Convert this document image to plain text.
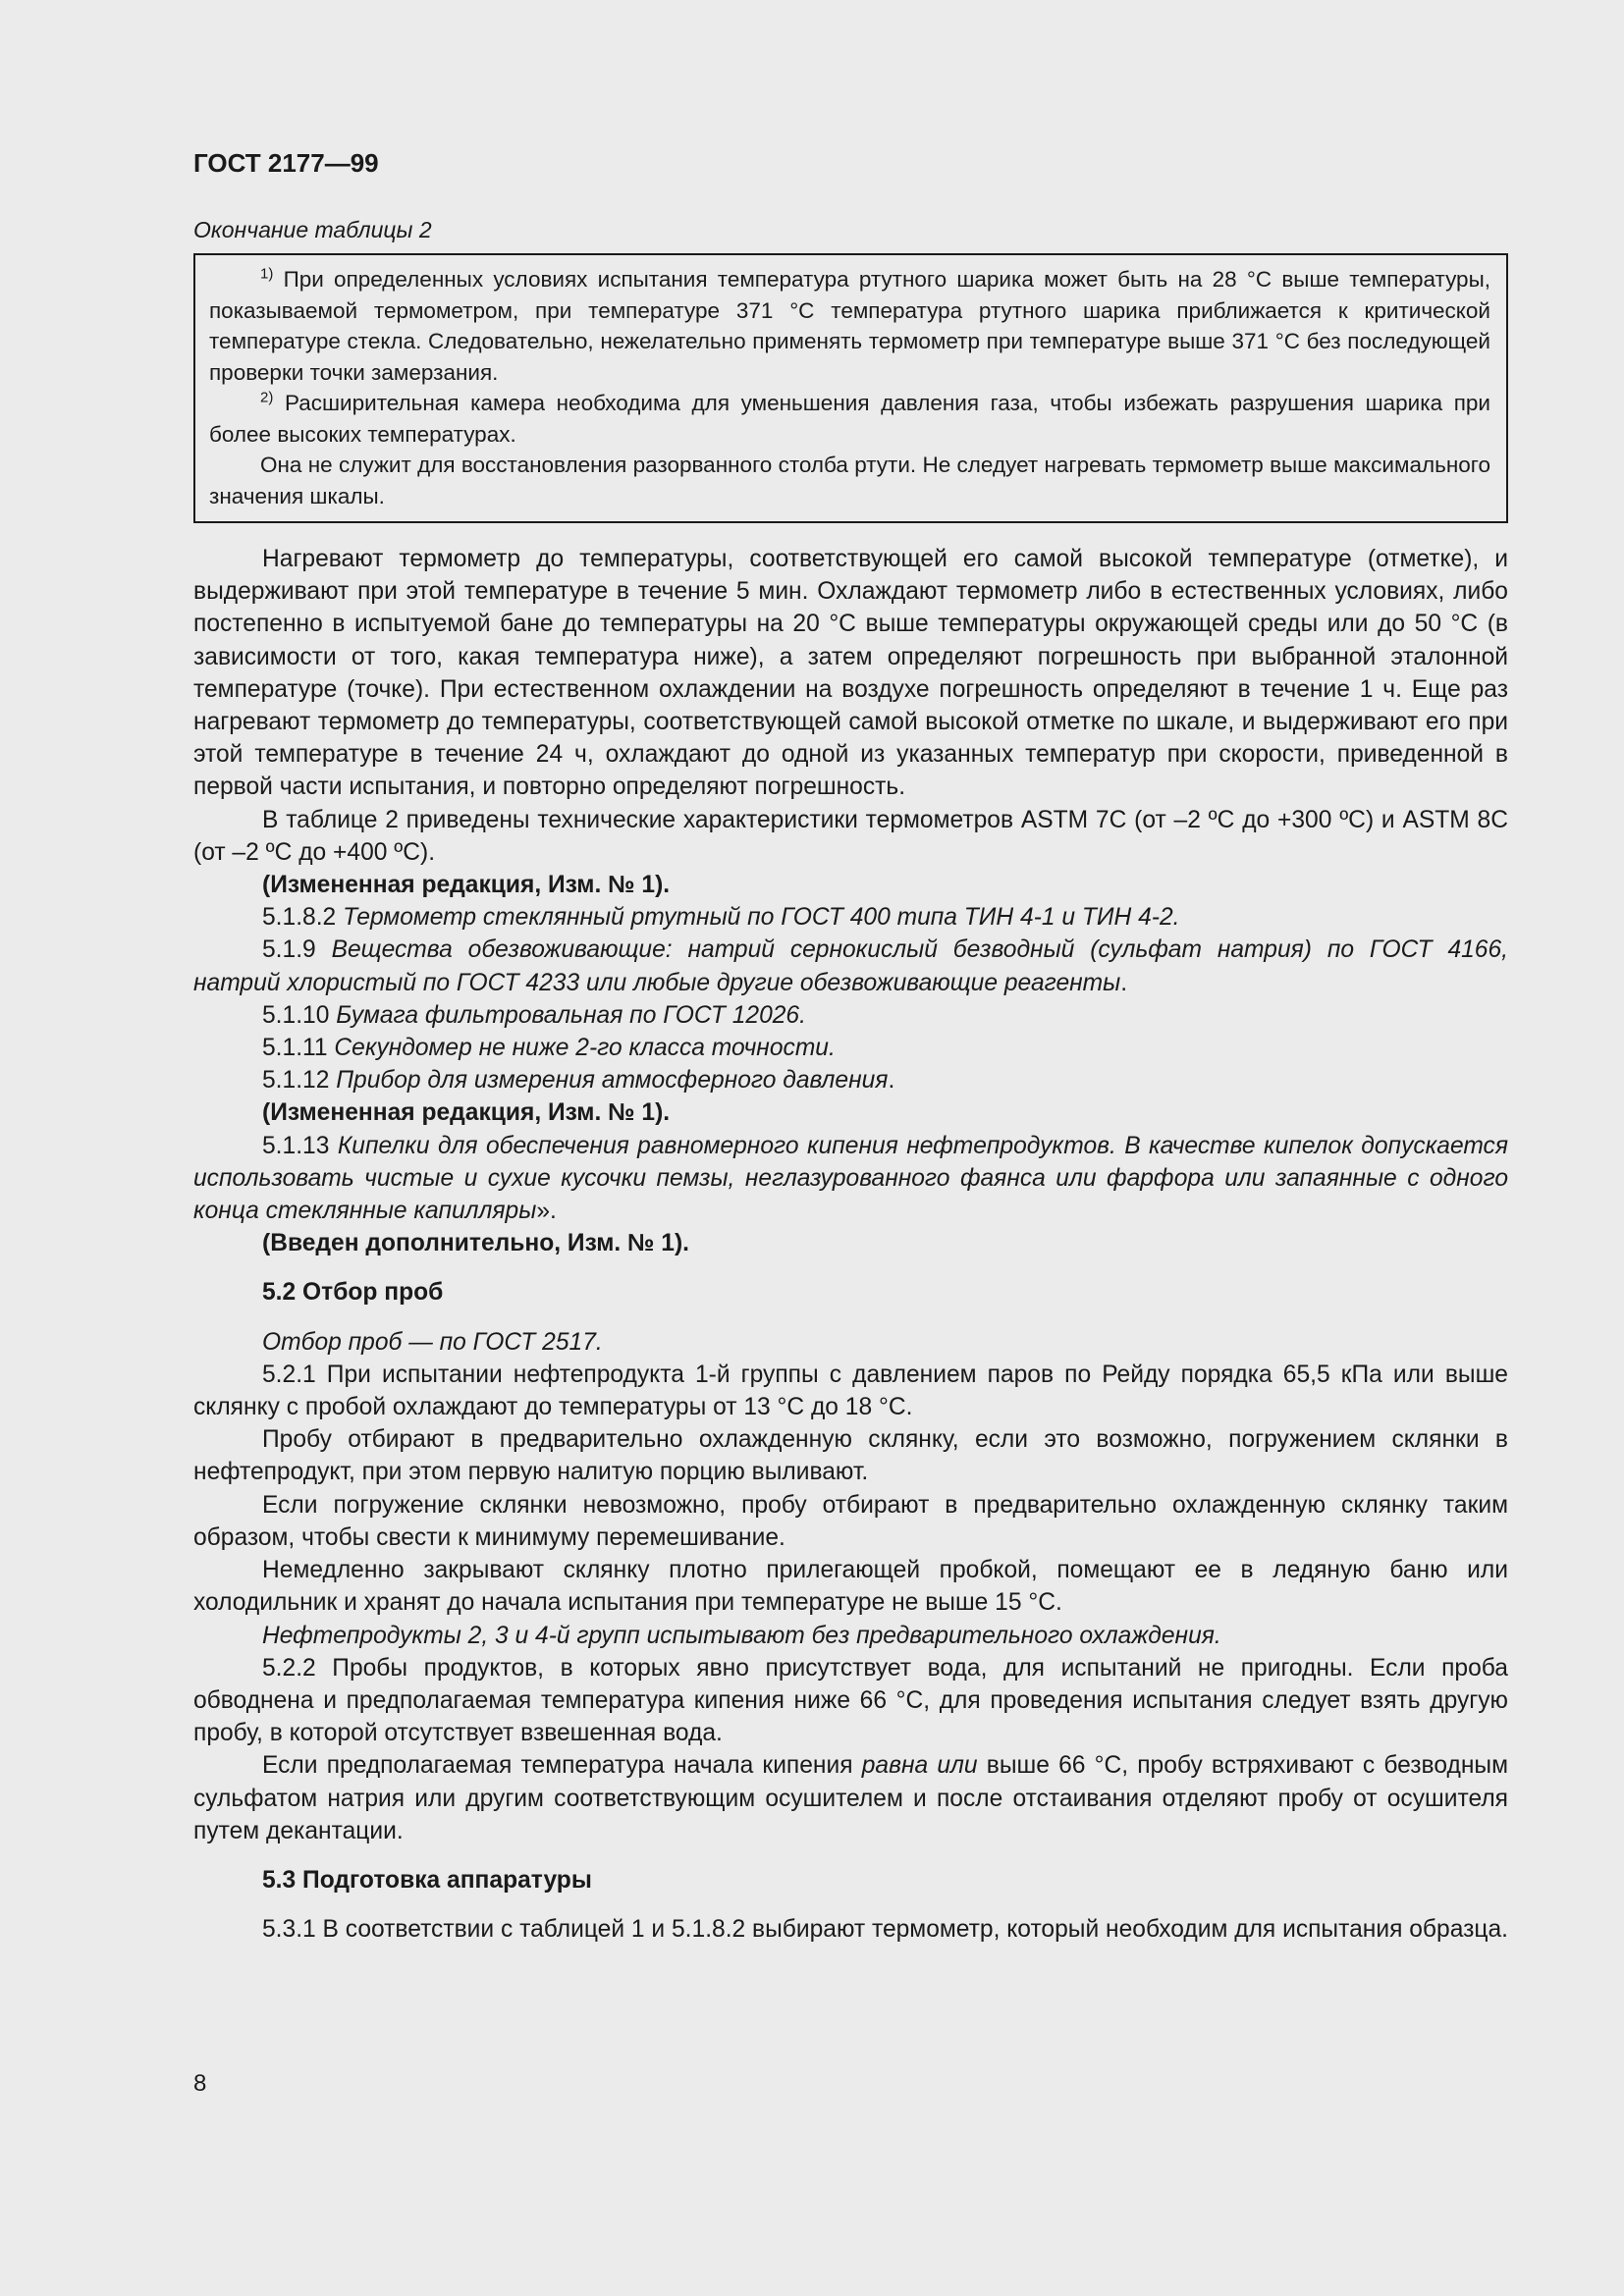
ГОСТ 2177—99
Окончание таблицы 2

$^{1)}$ При определенных условиях испытания температура ртутного шарика может быть на 28 °C выше температуры, показываемой термометром, при температуре 371 °C температура ртутного шарика приближается к критической температуре стекла. Следовательно, нежелательно применять термометр при температуре выше 371 °C без последующей проверки точки замерзания.

$^{2)}$ Расширительная камера необходима для уменьшения давления газа, чтобы избежать разрушения шарика при более высоких температурах.

Она не служит для восстановления разорванного столба ртути. Не следует нагревать термометр выше максимального значения шкалы.

Нагревают термометр до температуры, соответствующей его самой высокой температуре (отметке), и выдерживают при этой температуре в течение 5 мин. Охлаждают термометр либо в естественных условиях, либо постепенно в испытуемой бане до температуры на 20 °C выше температуры окружающей среды или до 50 °C (в зависимости от того, какая температура ниже), а затем определяют погрешность при выбранной эталонной температуре (точке). При естественном охлаждении на воздухе погрешность определяют в течение 1 ч. Еще раз нагревают термометр до температуры, соответствующей самой высокой отметке по шкале, и выдерживают его при этой температуре в течение 24 ч, охлаждают до одной из указанных температур при скорости, приведенной в первой части испытания, и повторно определяют погрешность.

В таблице 2 приведены технические характеристики термометров ASTM 7C (от –2 ºС до +300 ºС) и ASTM 8C (от –2 ºС до +400 ºС).

(Измененная редакция, Изм. № 1).

5.1.8.2 Термометр стеклянный ртутный по ГОСТ 400 типа ТИН 4-1 и ТИН 4-2.

5.1.9 Вещества обезвоживающие: натрий сернокислый безводный (сульфат натрия) по ГОСТ 4166, натрий хлористый по ГОСТ 4233 или любые другие обезвоживающие реагенты.

5.1.10 Бумага фильтровальная по ГОСТ 12026.

5.1.11 Секундомер не ниже 2-го класса точности.

5.1.12 Прибор для измерения атмосферного давления.

(Измененная редакция, Изм. № 1).

5.1.13 Кипелки для обеспечения равномерного кипения нефтепродуктов. В качестве кипелок допускается использовать чистые и сухие кусочки пемзы, неглазурованного фаянса или фарфора или запаянные с одного конца стеклянные капилляры».

(Введен дополнительно, Изм. № 1).

5.2 Отбор проб

Отбор проб — по ГОСТ 2517.

5.2.1 При испытании нефтепродукта 1-й группы с давлением паров по Рейду порядка 65,5 кПа или выше склянку с пробой охлаждают до температуры от 13 °C до 18 °C.

Пробу отбирают в предварительно охлажденную склянку, если это возможно, погружением склянки в нефтепродукт, при этом первую налитую порцию выливают.

Если погружение склянки невозможно, пробу отбирают в предварительно охлажденную склянку таким образом, чтобы свести к минимуму перемешивание.

Немедленно закрывают склянку плотно прилегающей пробкой, помещают ее в ледяную баню или холодильник и хранят до начала испытания при температуре не выше 15 °C.

Нефтепродукты 2, 3 и 4-й групп испытывают без предварительного охлаждения.

5.2.2 Пробы продуктов, в которых явно присутствует вода, для испытаний не пригодны. Если проба обводнена и предполагаемая температура кипения ниже 66 °C, для проведения испытания следует взять другую пробу, в которой отсутствует взвешенная вода.

Если предполагаемая температура начала кипения равна или выше 66 °C, пробу встряхивают с безводным сульфатом натрия или другим соответствующим осушителем и после отстаивания отделяют пробу от осушителя путем декантации.

5.3 Подготовка аппаратуры

5.3.1 В соответствии с таблицей 1 и 5.1.8.2 выбирают термометр, который необходим для испытания образца.

8
